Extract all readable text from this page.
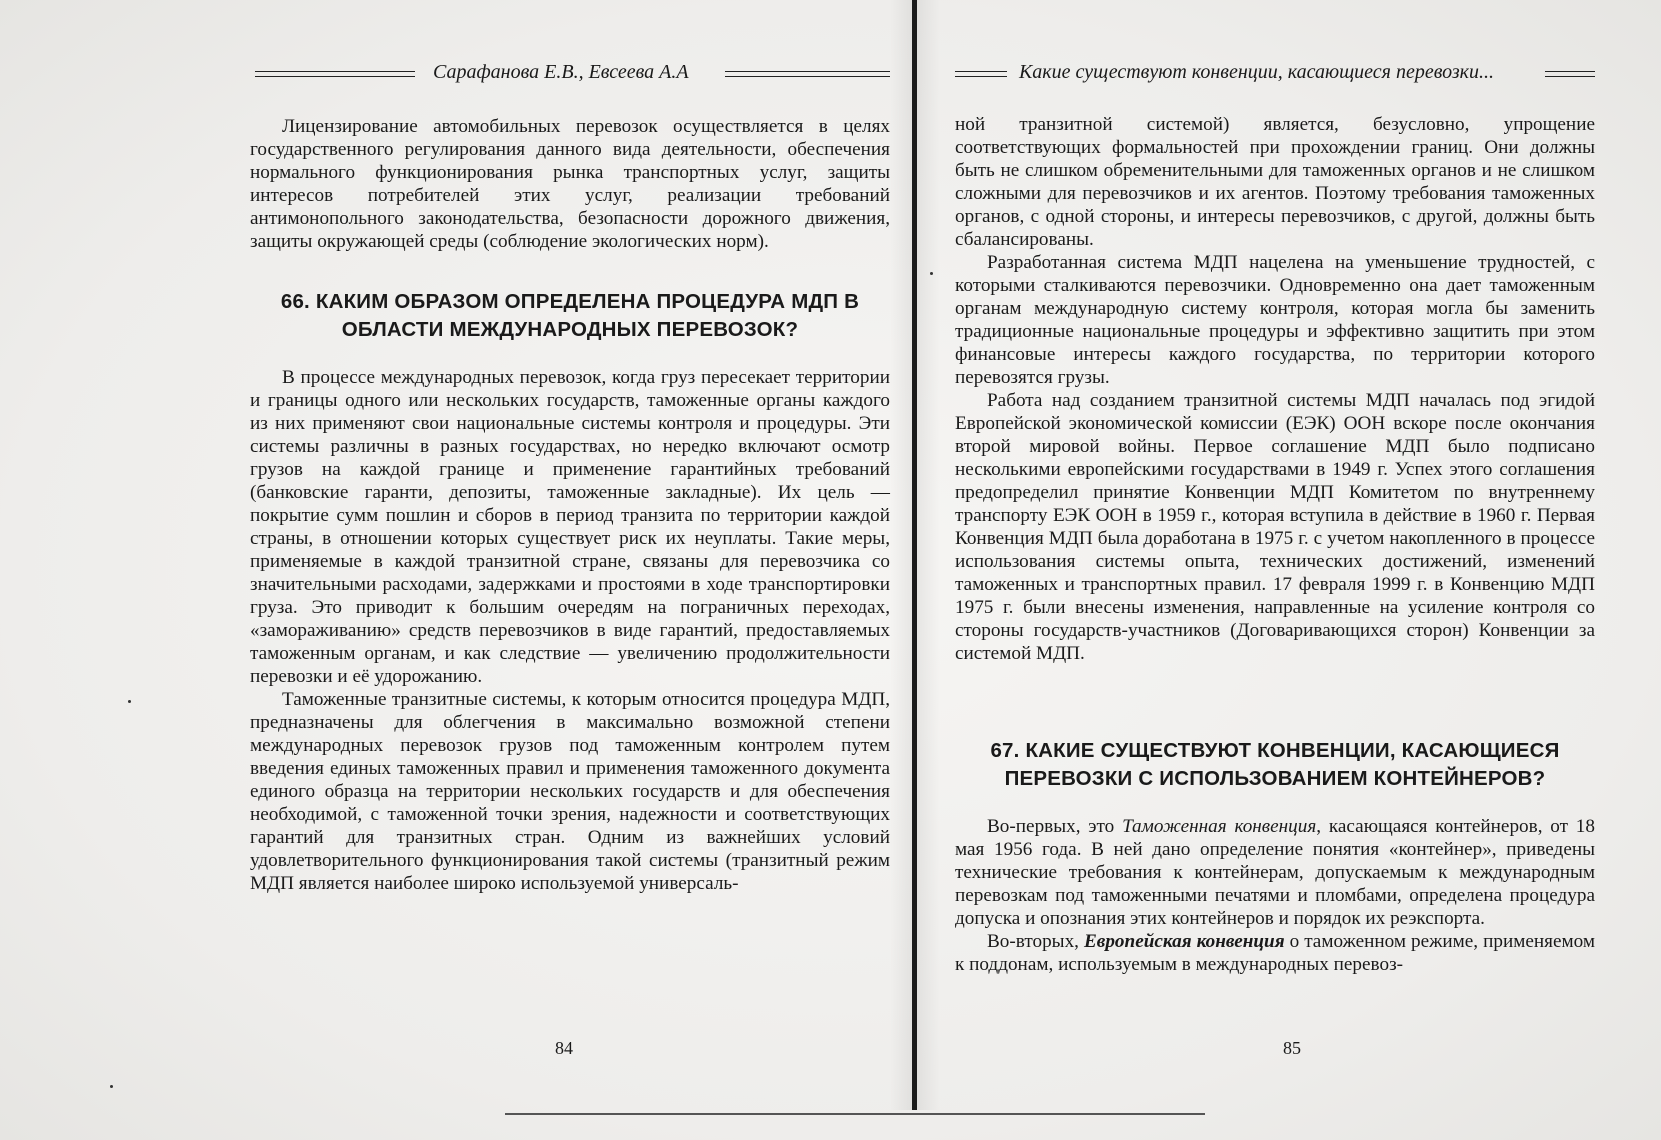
Сарафанова Е.В., Евсеева А.А

Лицензирование автомобильных перевозок осуществляется в целях государственного регулирования данного вида деятельности, обеспечения нормального функционирования рынка транспортных услуг, защиты интересов потребителей этих услуг, реализации требований антимонопольного законодательства, безопасности дорожного движения, защиты окружающей среды (соблюдение экологических норм).

66. КАКИМ ОБРАЗОМ ОПРЕДЕЛЕНА ПРОЦЕДУРА МДП В ОБЛАСТИ МЕЖДУНАРОДНЫХ ПЕРЕВОЗОК?

В процессе международных перевозок, когда груз пересекает территории и границы одного или нескольких государств, таможенные органы каждого из них применяют свои национальные системы контроля и процедуры. Эти системы различны в разных государствах, но нередко включают осмотр грузов на каждой границе и применение гарантийных требований (банковские гаранти, депозиты, таможенные закладные). Их цель — покрытие сумм пошлин и сборов в период транзита по территории каждой страны, в отношении которых существует риск их неуплаты. Такие меры, применяемые в каждой транзитной стране, связаны для перевозчика со значительными расходами, задержками и простоями в ходе транспортировки груза. Это приводит к большим очередям на пограничных переходах, «замораживанию» средств перевозчиков в виде гарантий, предоставляемых таможенным органам, и как следствие — увеличению продолжительности перевозки и её удорожанию.

Таможенные транзитные системы, к которым относится процедура МДП, предназначены для облегчения в максимально возможной степени международных перевозок грузов под таможенным контролем путем введения единых таможенных правил и применения таможенного документа единого образца на территории нескольких государств и для обеспечения необходимой, с таможенной точки зрения, надежности и соответствующих гарантий для транзитных стран. Одним из важнейших условий удовлетворительного функционирования такой системы (транзитный режим МДП является наиболее широко используемой универсаль-

84
Какие существуют конвенции, касающиеся перевозки...

ной транзитной системой) является, безусловно, упрощение соответствующих формальностей при прохождении границ. Они должны быть не слишком обременительными для таможенных органов и не слишком сложными для перевозчиков и их агентов. Поэтому требования таможенных органов, с одной стороны, и интересы перевозчиков, с другой, должны быть сбалансированы.

Разработанная система МДП нацелена на уменьшение трудностей, с которыми сталкиваются перевозчики. Одновременно она дает таможенным органам международную систему контроля, которая могла бы заменить традиционные национальные процедуры и эффективно защитить при этом финансовые интересы каждого государства, по территории которого перевозятся грузы.

Работа над созданием транзитной системы МДП началась под эгидой Европейской экономической комиссии (ЕЭК) ООН вскоре после окончания второй мировой войны. Первое соглашение МДП было подписано несколькими европейскими государствами в 1949 г. Успех этого соглашения предопределил принятие Конвенции МДП Комитетом по внутреннему транспорту ЕЭК ООН в 1959 г., которая вступила в действие в 1960 г. Первая Конвенция МДП была доработана в 1975 г. с учетом накопленного в процессе использования системы опыта, технических достижений, изменений таможенных и транспортных правил. 17 февраля 1999 г. в Конвенцию МДП 1975 г. были внесены изменения, направленные на усиление контроля со стороны государств-участников (Договаривающихся сторон) Конвенции за системой МДП.

67. КАКИЕ СУЩЕСТВУЮТ КОНВЕНЦИИ, КАСАЮЩИЕСЯ ПЕРЕВОЗКИ С ИСПОЛЬЗОВАНИЕМ КОНТЕЙНЕРОВ?

Во-первых, это Таможенная конвенция, касающаяся контейнеров, от 18 мая 1956 года. В ней дано определение понятия «контейнер», приведены технические требования к контейнерам, допускаемым к международным перевозкам под таможенными печатями и пломбами, определена процедура допуска и опознания этих контейнеров и порядок их реэкспорта.

Во-вторых, Европейская конвенция о таможенном режиме, применяемом к поддонам, используемым в международных перевоз-

85
